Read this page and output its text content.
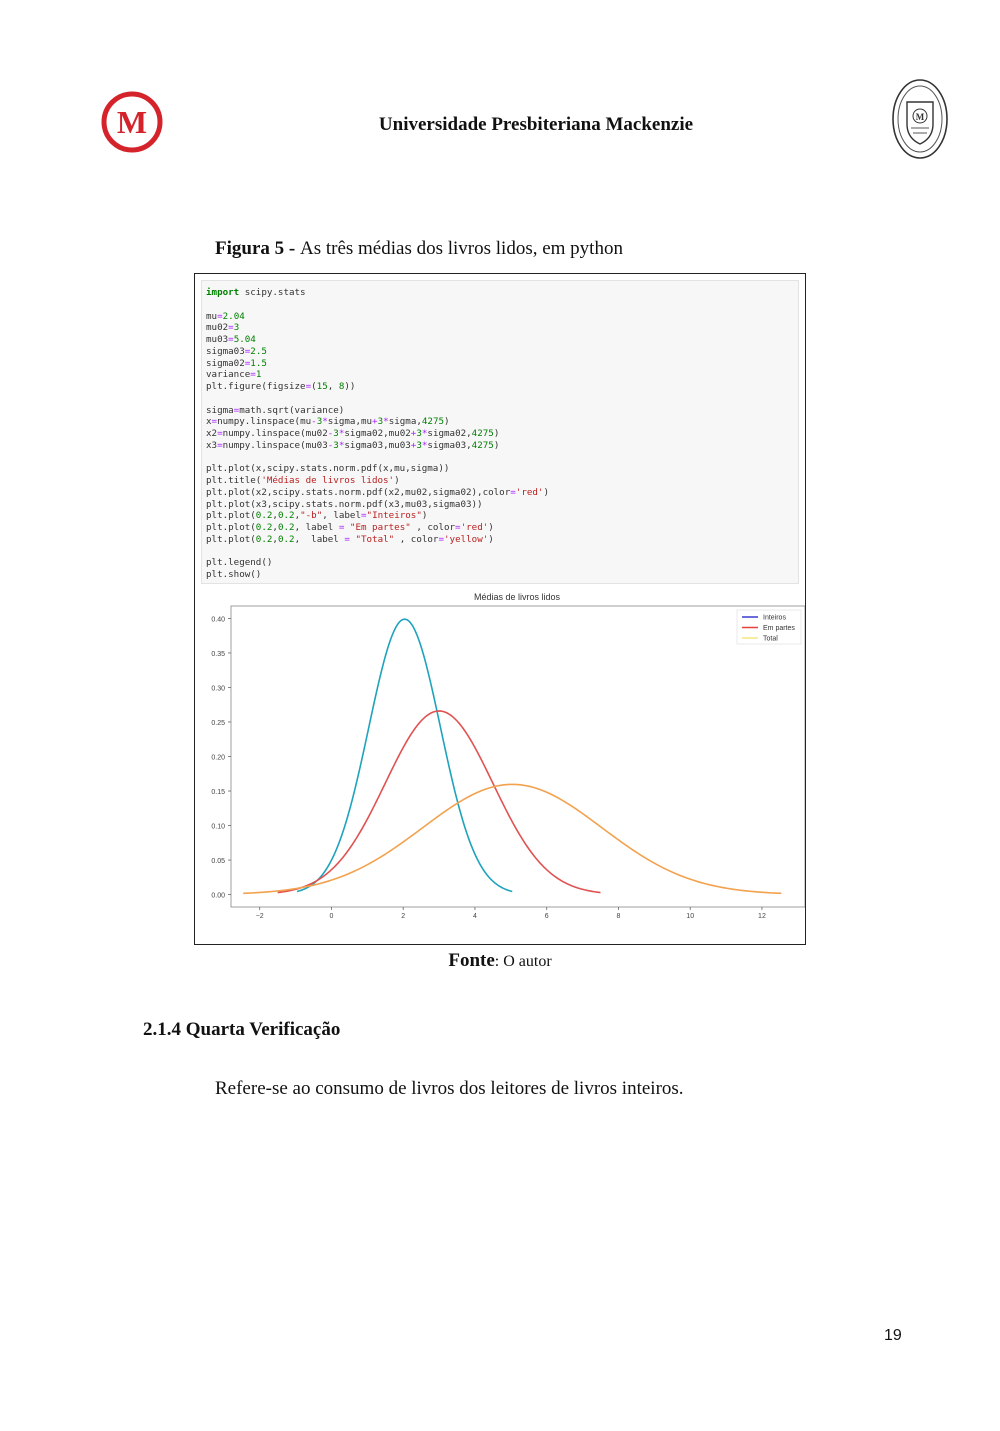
M	Universidade Presbiteriana Mackenzie	M
Figura 5 - As três médias dos livros lidos, em python
import scipy.stats

mu=2.04
mu02=3
mu03=5.04
sigma03=2.5
sigma02=1.5
variance=1
plt.figure(figsize=(15, 8))

sigma=math.sqrt(variance)
x=numpy.linspace(mu-3*sigma,mu+3*sigma,4275)
x2=numpy.linspace(mu02-3*sigma02,mu02+3*sigma02,4275)
x3=numpy.linspace(mu03-3*sigma03,mu03+3*sigma03,4275)

plt.plot(x,scipy.stats.norm.pdf(x,mu,sigma))
plt.title('Médias de livros lidos')
plt.plot(x2,scipy.stats.norm.pdf(x2,mu02,sigma02),color='red')
plt.plot(x3,scipy.stats.norm.pdf(x3,mu03,sigma03))
plt.plot(0.2,0.2,"-b", label="Inteiros")
plt.plot(0.2,0.2, label = "Em partes" , color='red')
plt.plot(0.2,0.2,  label = "Total" , color='yellow')

plt.legend()
plt.show()
Médias de livros lidos
0.00
0.05
0.10
0.15
0.20
0.25
0.30
0.35
0.40
−2	0	2	4	6	8	10	12
Inteiros
Em partes
Total
Fonte: O autor
2.1.4 Quarta Verificação
Refere-se ao consumo de livros dos leitores de livros inteiros.
19
